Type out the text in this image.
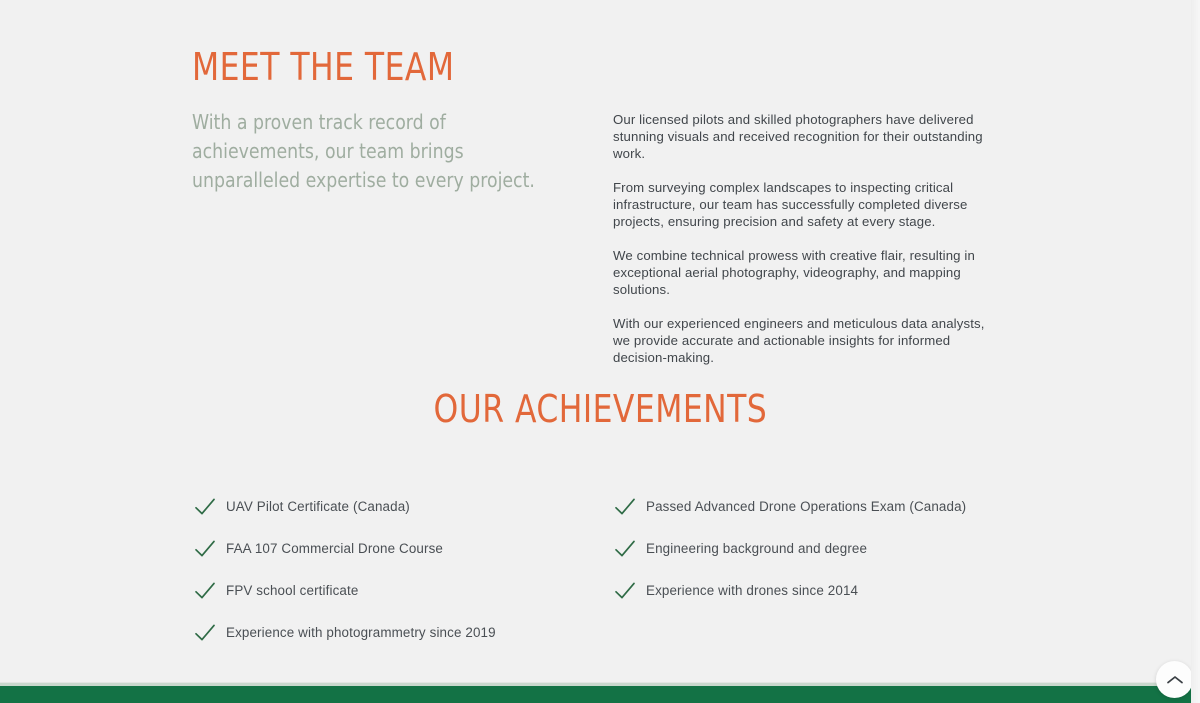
MEET THE TEAM

With a proven track record of achievements, our team brings unparalleled expertise to every project.

Our licensed pilots and skilled photographers have delivered stunning visuals and received recognition for their outstanding work.

From surveying complex landscapes to inspecting critical infrastructure, our team has successfully completed diverse projects, ensuring precision and safety at every stage.

We combine technical prowess with creative flair, resulting in exceptional aerial photography, videography, and mapping solutions.

With our experienced engineers and meticulous data analysts, we provide accurate and actionable insights for informed decision-making.

OUR ACHIEVEMENTS
UAV Pilot Certificate (Canada)
FAA 107 Commercial Drone Course
FPV school certificate
Experience with photogrammetry since 2019
Passed Advanced Drone Operations Exam (Canada)
Engineering background and degree
Experience with drones since 2014
